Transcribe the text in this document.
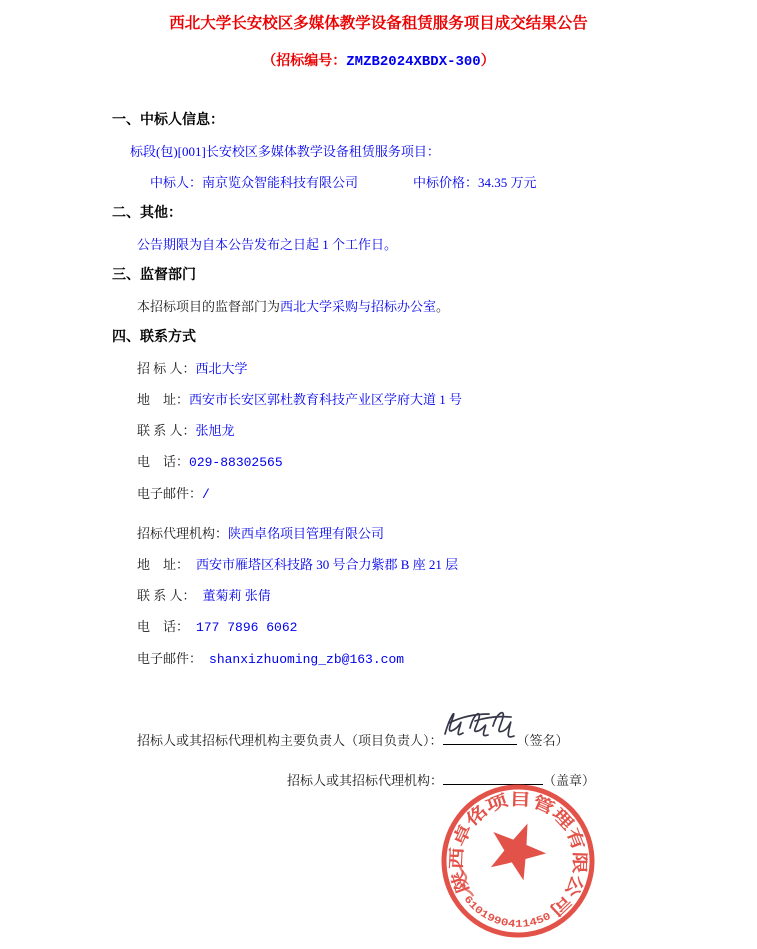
西北大学长安校区多媒体教学设备租赁服务项目成交结果公告
（招标编号：ZMZB2024XBDX-300）
一、中标人信息：
标段(包)[001]长安校区多媒体教学设备租赁服务项目：
中标人：南京览众智能科技有限公司	中标价格：34.35 万元
二、其他：
公告期限为自本公告发布之日起 1 个工作日。
三、监督部门
本招标项目的监督部门为西北大学采购与招标办公室。
四、联系方式
招 标 人：西北大学
地    址：西安市长安区郭杜教育科技产业区学府大道 1 号
联 系 人：张旭龙
电    话：029-88302565
电子邮件：/
招标代理机构：陕西卓佲项目管理有限公司
地    址： 西安市雁塔区科技路 30 号合力紫郡 B 座 21 层
联 系 人： 董菊莉 张倩
电    话： 177 7896 6062
电子邮件： shanxizhuoming_zb@163.com
招标人或其招标代理机构主要负责人（项目负责人）：	（签名）
招标人或其招标代理机构：	（盖章）
陕西卓佲项目管理有限公司
6101990411450
